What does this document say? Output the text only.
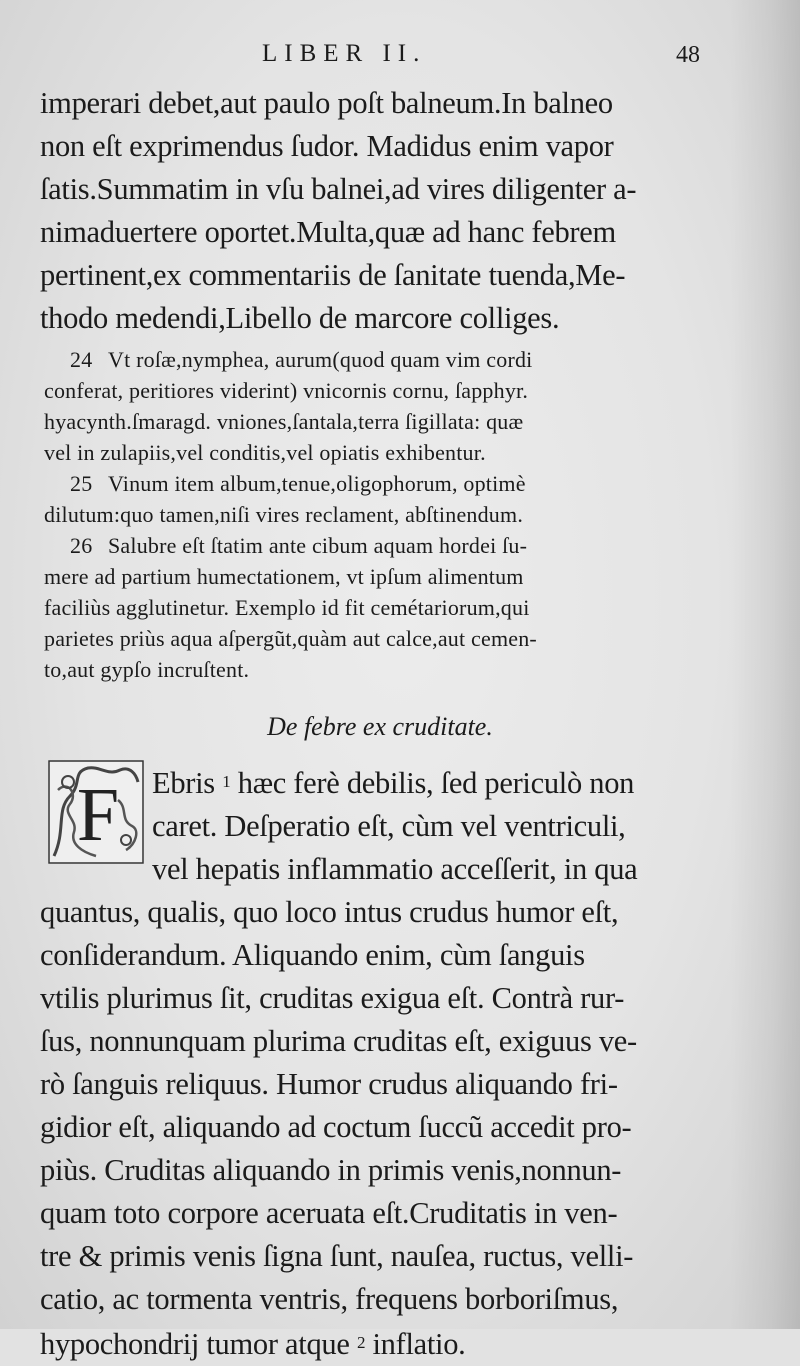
LIBER II.	48
imperari debet,aut paulo poſt balneum.In balneo
non eſt exprimendus ſudor. Madidus enim vapor
ſatis.Summatim in vſu balnei,ad vires diligenter a-
nimaduertere oportet.Multa,quæ ad hanc febrem
pertinent,ex commentariis de ſanitate tuenda,Me-
thodo medendi,Libello de marcore colliges.
24 Vt roſæ,nymphea, aurum(quod quam vim cordi
conferat, peritiores viderint) vnicornis cornu, ſapphyr.
hyacynth.ſmaragd. vniones,ſantala,terra ſigillata: quæ
vel in zulapiis,vel conditis,vel opiatis exhibentur.
25 Vinum item album,tenue,oligophorum, optimè
dilutum:quo tamen,niſi vires reclament, abſtinendum.
26 Salubre eſt ſtatim ante cibum aquam hordei ſu-
mere ad partium humectationem, vt ipſum alimentum
faciliùs agglutinetur. Exemplo id fit cemétariorum,qui
parietes priùs aqua aſpergũt,quàm aut calce,aut cemen-
to,aut gypſo incruſtent.
De febre ex cruditate.
F	Ebris 1 hæc ferè debilis, ſed periculò non
caret. Deſperatio eſt, cùm vel ventriculi,
vel hepatis inflammatio acceſſerit, in qua
quantus, qualis, quo loco intus crudus humor eſt,
conſiderandum. Aliquando enim, cùm ſanguis
vtilis plurimus ſit, cruditas exigua eſt. Contrà rur-
ſus, nonnunquam plurima cruditas eſt, exiguus ve-
rò ſanguis reliquus. Humor crudus aliquando fri-
gidior eſt, aliquando ad coctum ſuccũ accedit pro-
piùs. Cruditas aliquando in primis venis,nonnun-
quam toto corpore aceruata eſt.Cruditatis in ven-
tre & primis venis ſigna ſunt, nauſea, ructus, velli-
catio, ac tormenta ventris, frequens borboriſmus,
hypochondrij tumor atque 2 inflatio.
